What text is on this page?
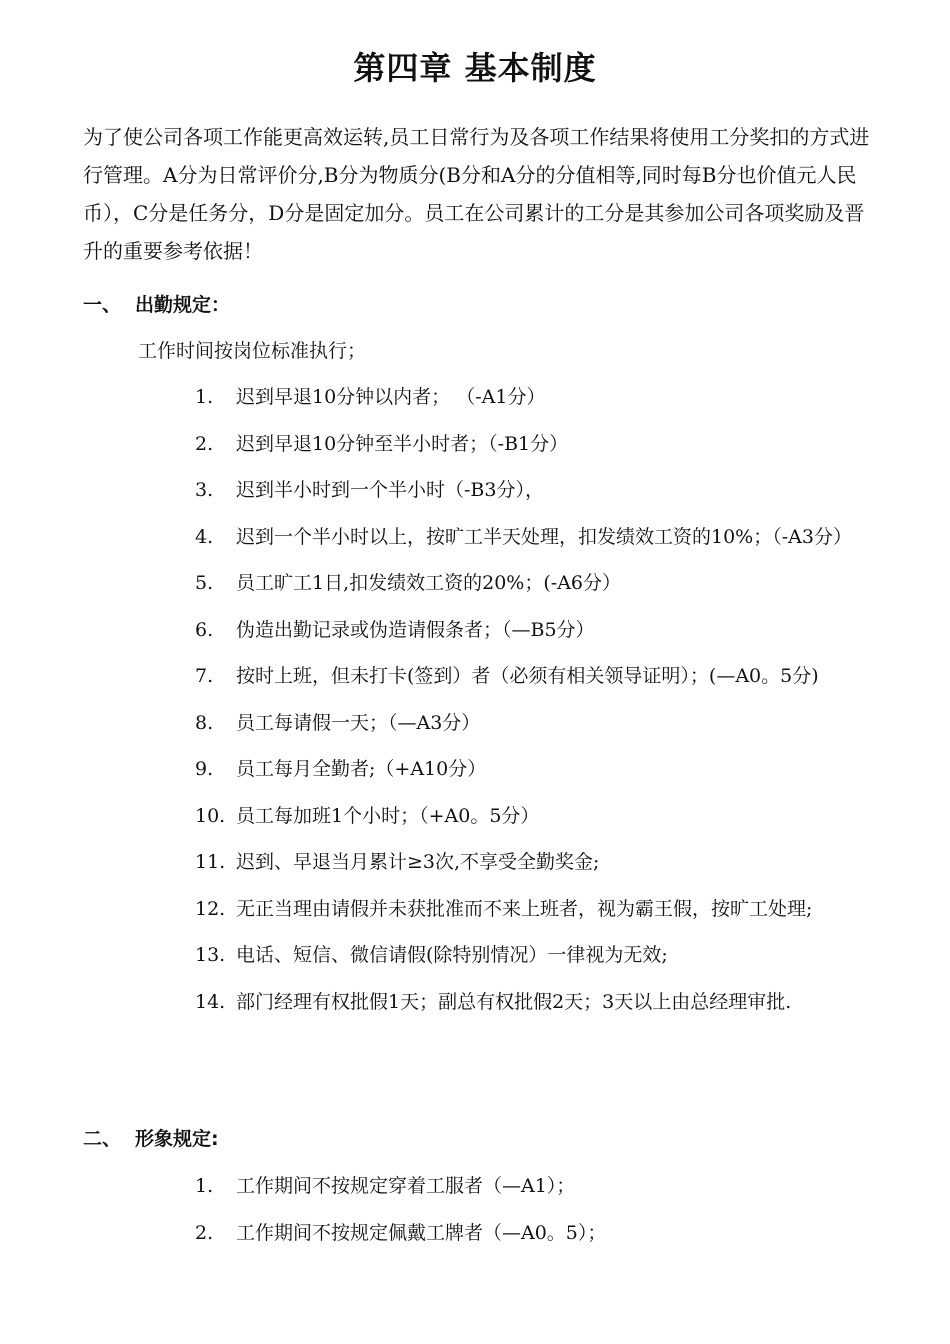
第四章 基本制度

为了使公司各项工作能更高效运转,员工日常行为及各项工作结果将使用工分奖扣的方式进行管理。A分为日常评价分,B分为物质分(B分和A分的分值相等,同时每B分也价值元人民币），C分是任务分，D分是固定加分。员工在公司累计的工分是其参加公司各项奖励及晋升的重要参考依据！

一、 出勤规定：
工作时间按岗位标准执行；
1. 迟到早退10分钟以内者； （-A1分）
2. 迟到早退10分钟至半小时者；（-B1分）
3. 迟到半小时到一个半小时（-B3分），
4. 迟到一个半小时以上，按旷工半天处理，扣发绩效工资的10%；（-A3分）
5. 员工旷工1日,扣发绩效工资的20%；(-A6分）
6. 伪造出勤记录或伪造请假条者；（—B5分）
7. 按时上班，但未打卡(签到）者（必须有相关领导证明）；(—A0。5分)
8. 员工每请假一天；（—A3分）
9. 员工每月全勤者;（+A10分）
10. 员工每加班1个小时；（+A0。5分）
11. 迟到、早退当月累计≥3次,不享受全勤奖金;
12. 无正当理由请假并未获批准而不来上班者，视为霸王假，按旷工处理;
13. 电话、短信、微信请假(除特别情况）一律视为无效;
14. 部门经理有权批假1天；副总有权批假2天；3天以上由总经理审批.
二、 形象规定:
1. 工作期间不按规定穿着工服者（—A1）；
2. 工作期间不按规定佩戴工牌者（—A0。5）；
